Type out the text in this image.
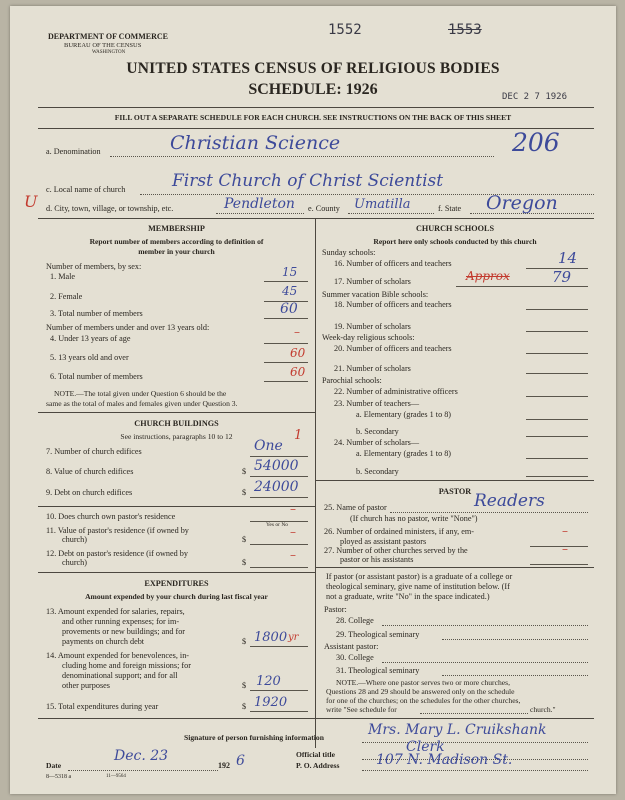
DEPARTMENT OF COMMERCE
BUREAU OF THE CENSUS
WASHINGTON
1552	1553
UNITED STATES CENSUS OF RELIGIOUS BODIES
SCHEDULE: 1926	DEC 2 7 1926
FILL OUT A SEPARATE SCHEDULE FOR EACH CHURCH. SEE INSTRUCTIONS ON THE BACK OF THIS SHEET
a. Denomination	Christian Science	206
c. Local name of church	First Church of Christ Scientist
U d. City, town, village, or township, etc.	Pendleton e. County Umatilla	f. State Oregon
MEMBERSHIP
Report number of members according to definition of
member in your church
Number of members, by sex:
1. Male	15
2. Female	45
3. Total number of members	60
Number of members under and over 13 years old:
4. Under 13 years of age	–
5. 13 years old and over	60
6. Total number of members	60
NOTE.—The total given under Question 6 should be the
same as the total of males and females given under Question 3.
CHURCH BUILDINGS
See instructions, paragraphs 10 to 12
7. Number of church edifices	One
1
8. Value of church edifices	$ 54000
9. Debt on church edifices	$ 24000
10. Does church own pastor's residence
–
Yes or No
11. Value of pastor's residence (if owned by
church)	$
–
12. Debt on pastor's residence (if owned by
church)	$
–
EXPENDITURES
Amount expended by your church during last fiscal year
13. Amount expended for salaries, repairs,
and other running expenses; for im-
provements or new buildings; and for
payments on church debt	$ 1800 yr
14. Amount expended for benevolences, in-
cluding home and foreign missions; for
denominational support; and for all
other purposes	$ 120
15. Total expenditures during year	$ 1920
CHURCH SCHOOLS
Report here only schools conducted by this church
Sunday schools:
16. Number of officers and teachers	14
17. Number of scholars	Approx	79
Summer vacation Bible schools:
18. Number of officers and teachers
19. Number of scholars
Week-day religious schools:
20. Number of officers and teachers
21. Number of scholars
Parochial schools:
22. Number of administrative officers
23. Number of teachers—
a. Elementary (grades 1 to 8)
b. Secondary
24. Number of scholars—
a. Elementary (grades 1 to 8)
b. Secondary
PASTOR
25. Name of pastor	Readers
(If church has no pastor, write "None")
26. Number of ordained ministers, if any, em-
ployed as assistant pastors
–
27. Number of other churches served by the
pastor or his assistants
–
If pastor (or assistant pastor) is a graduate of a college or
theological seminary, give name of institution below. (If
not a graduate, write "No" in the space indicated.)
Pastor:
28. College
29. Theological seminary
Assistant pastor:
30. College
31. Theological seminary
NOTE.—Where one pastor serves two or more churches,
Questions 28 and 29 should be answered only on the schedule
for one of the churches; on the schedules for the other churches,
write "See schedule for	church."
Signature of person furnishing information	Mrs. Mary L. Cruikshank
Official title	Clerk
Date
Dec. 23
192 6	P. O. Address	107 N. Madison St.
8—5318 a	11—9564
